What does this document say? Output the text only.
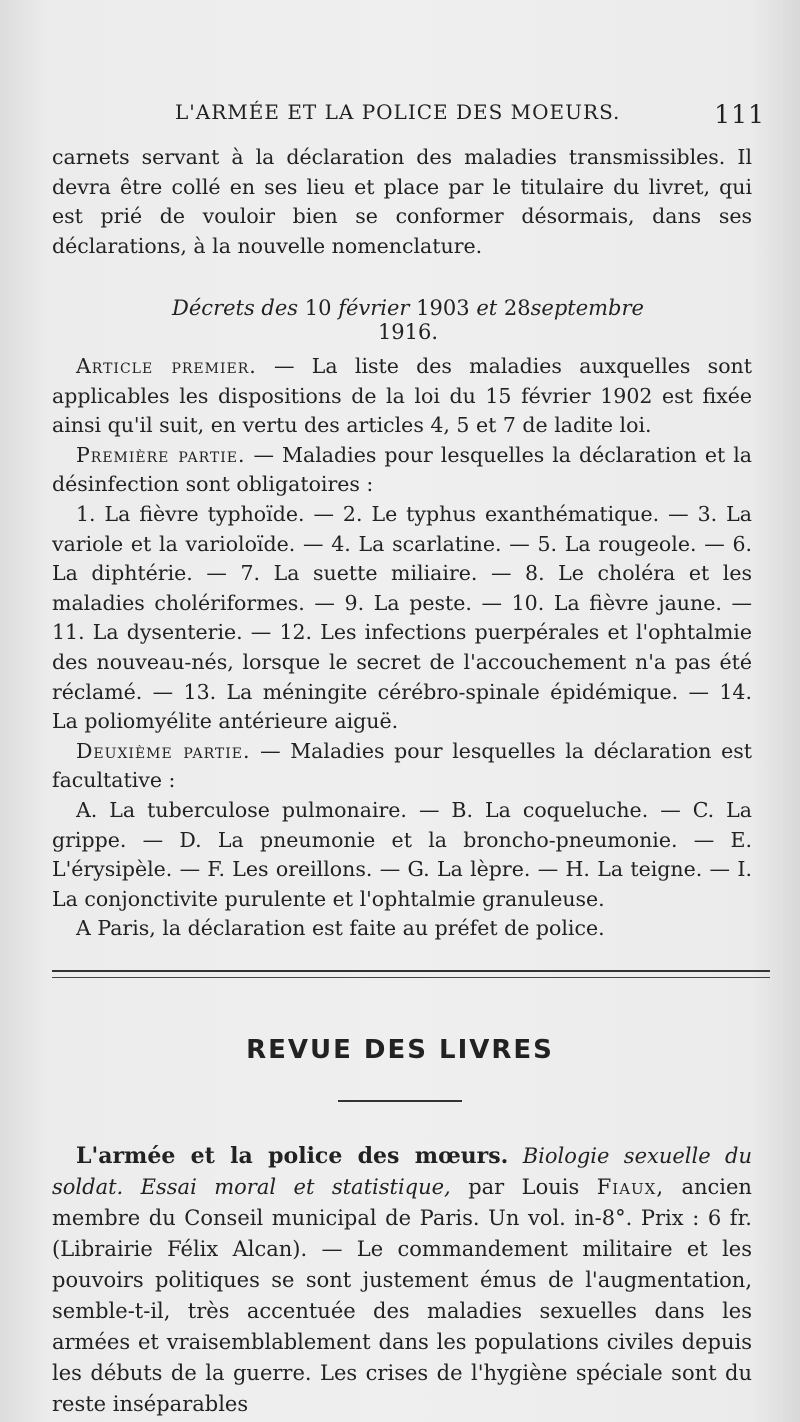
L'ARMÉE ET LA POLICE DES MOEURS.	111

carnets servant à la déclaration des maladies transmissibles. Il devra être collé en ses lieu et place par le titulaire du livret, qui est prié de vouloir bien se conformer désormais, dans ses déclarations, à la nouvelle nomenclature.

Décrets des 10 février 1903 et 28septembre 1916.

Article premier. — La liste des maladies auxquelles sont applicables les dispositions de la loi du 15 février 1902 est fixée ainsi qu'il suit, en vertu des articles 4, 5 et 7 de ladite loi.

Première partie. — Maladies pour lesquelles la déclaration et la désinfection sont obligatoires :

1. La fièvre typhoïde. — 2. Le typhus exanthématique. — 3. La variole et la varioloïde. — 4. La scarlatine. — 5. La rougeole. — 6. La diphtérie. — 7. La suette miliaire. — 8. Le choléra et les maladies cholériformes. — 9. La peste. — 10. La fièvre jaune. — 11. La dysenterie. — 12. Les infections puerpérales et l'ophtalmie des nouveau-nés, lorsque le secret de l'accouchement n'a pas été réclamé. — 13. La méningite cérébro-spinale épidémique. — 14. La poliomyélite antérieure aiguë.

Deuxième partie. — Maladies pour lesquelles la déclaration est facultative :

A. La tuberculose pulmonaire. — B. La coqueluche. — C. La grippe. — D. La pneumonie et la broncho-pneumonie. — E. L'érysipèle. — F. Les oreillons. — G. La lèpre. — H. La teigne. — I. La conjonctivite purulente et l'ophtalmie granuleuse.

A Paris, la déclaration est faite au préfet de police.

REVUE DES LIVRES

L'armée et la police des mœurs. Biologie sexuelle du soldat. Essai moral et statistique, par Louis Fiaux, ancien membre du Conseil municipal de Paris. Un vol. in-8°. Prix : 6 fr. (Librairie Félix Alcan). — Le commandement militaire et les pouvoirs politiques se sont justement émus de l'augmentation, semble-t-il, très accentuée des maladies sexuelles dans les armées et vraisemblablement dans les populations civiles depuis les débuts de la guerre. Les crises de l'hygiène spéciale sont du reste inséparables
